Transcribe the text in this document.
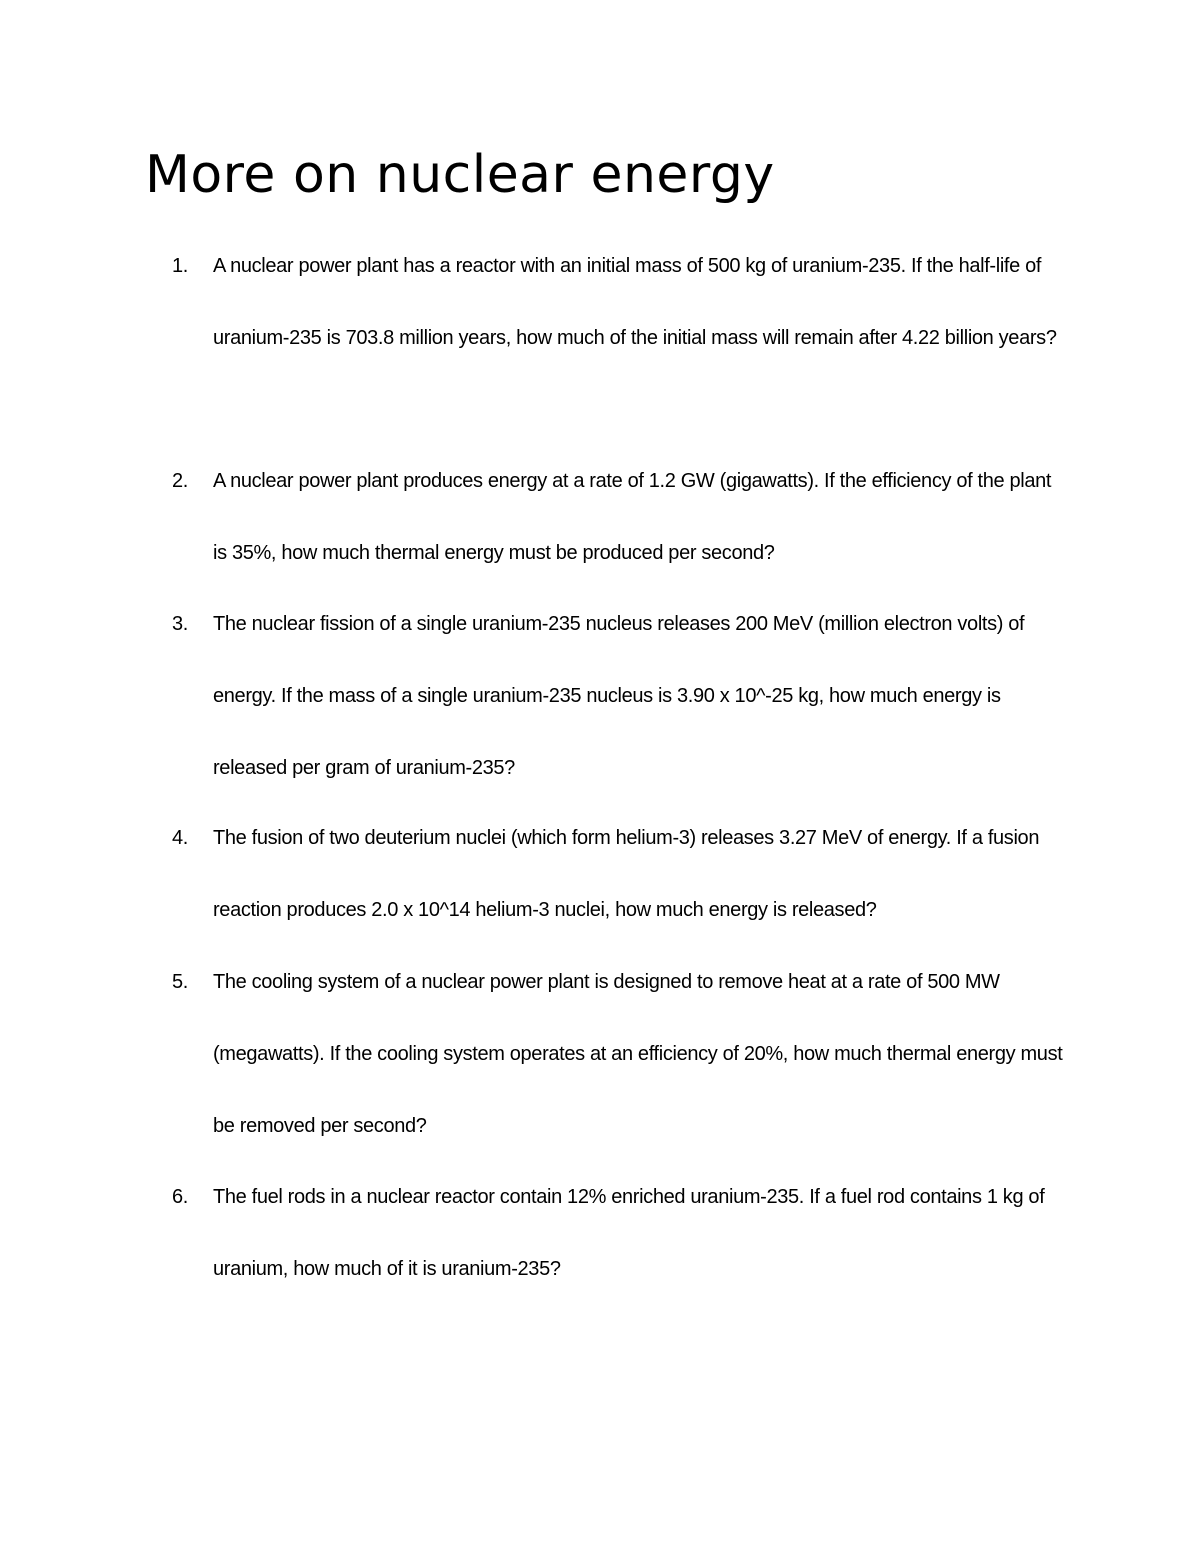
More on nuclear energy
1.	A nuclear power plant has a reactor with an initial mass of 500 kg of uranium-235. If the half-life of uranium-235 is 703.8 million years, how much of the initial mass will remain after 4.22 billion years?
2.	A nuclear power plant produces energy at a rate of 1.2 GW (gigawatts). If the efficiency of the plant is 35%, how much thermal energy must be produced per second?
3.	The nuclear fission of a single uranium-235 nucleus releases 200 MeV (million electron volts) of energy. If the mass of a single uranium-235 nucleus is 3.90 x 10^-25 kg, how much energy is released per gram of uranium-235?
4.	The fusion of two deuterium nuclei (which form helium-3) releases 3.27 MeV of energy. If a fusion reaction produces 2.0 x 10^14 helium-3 nuclei, how much energy is released?
5.	The cooling system of a nuclear power plant is designed to remove heat at a rate of 500 MW (megawatts). If the cooling system operates at an efficiency of 20%, how much thermal energy must be removed per second?
6.	The fuel rods in a nuclear reactor contain 12% enriched uranium-235. If a fuel rod contains 1 kg of uranium, how much of it is uranium-235?
